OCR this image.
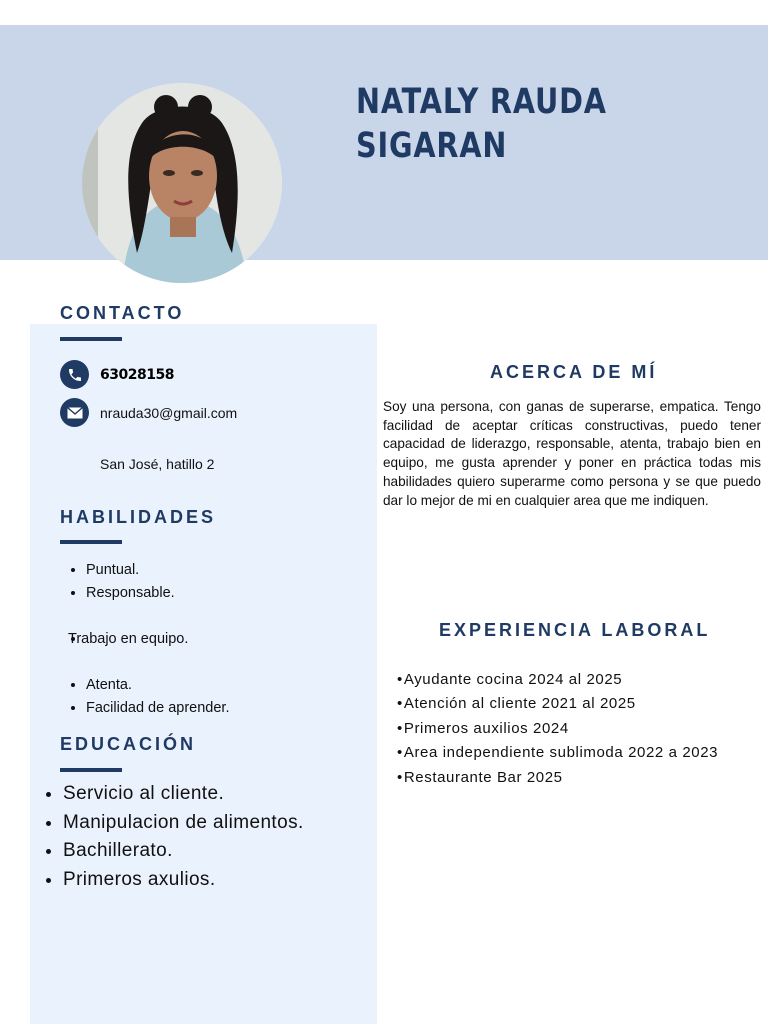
NATALY RAUDA
SIGARAN
CONTACTO
63028158
nrauda30@gmail.com
San José, hatillo 2
HABILIDADES
• Puntual.
• Responsable.
• Trabajo en equipo.
• Atenta.
• Facilidad de aprender.
EDUCACIÓN
• Servicio al cliente.
• Manipulacion de alimentos.
• Bachillerato.
• Primeros axulios.
ACERCA DE MÍ

Soy una persona, con ganas de superarse, empatica. Tengo facilidad de aceptar críticas constructivas, puedo tener capacidad de liderazgo, responsable, atenta, trabajo bien en equipo, me gusta aprender y poner en práctica todas mis habilidades quiero superarme como persona y se que puedo dar lo mejor de mi en cualquier area que me indiquen.

EXPERIENCIA LABORAL
•Ayudante cocina 2024 al 2025
•Atención al cliente 2021 al 2025
•Primeros auxilios 2024
•Area independiente sublimoda 2022 a 2023
•Restaurante Bar 2025
